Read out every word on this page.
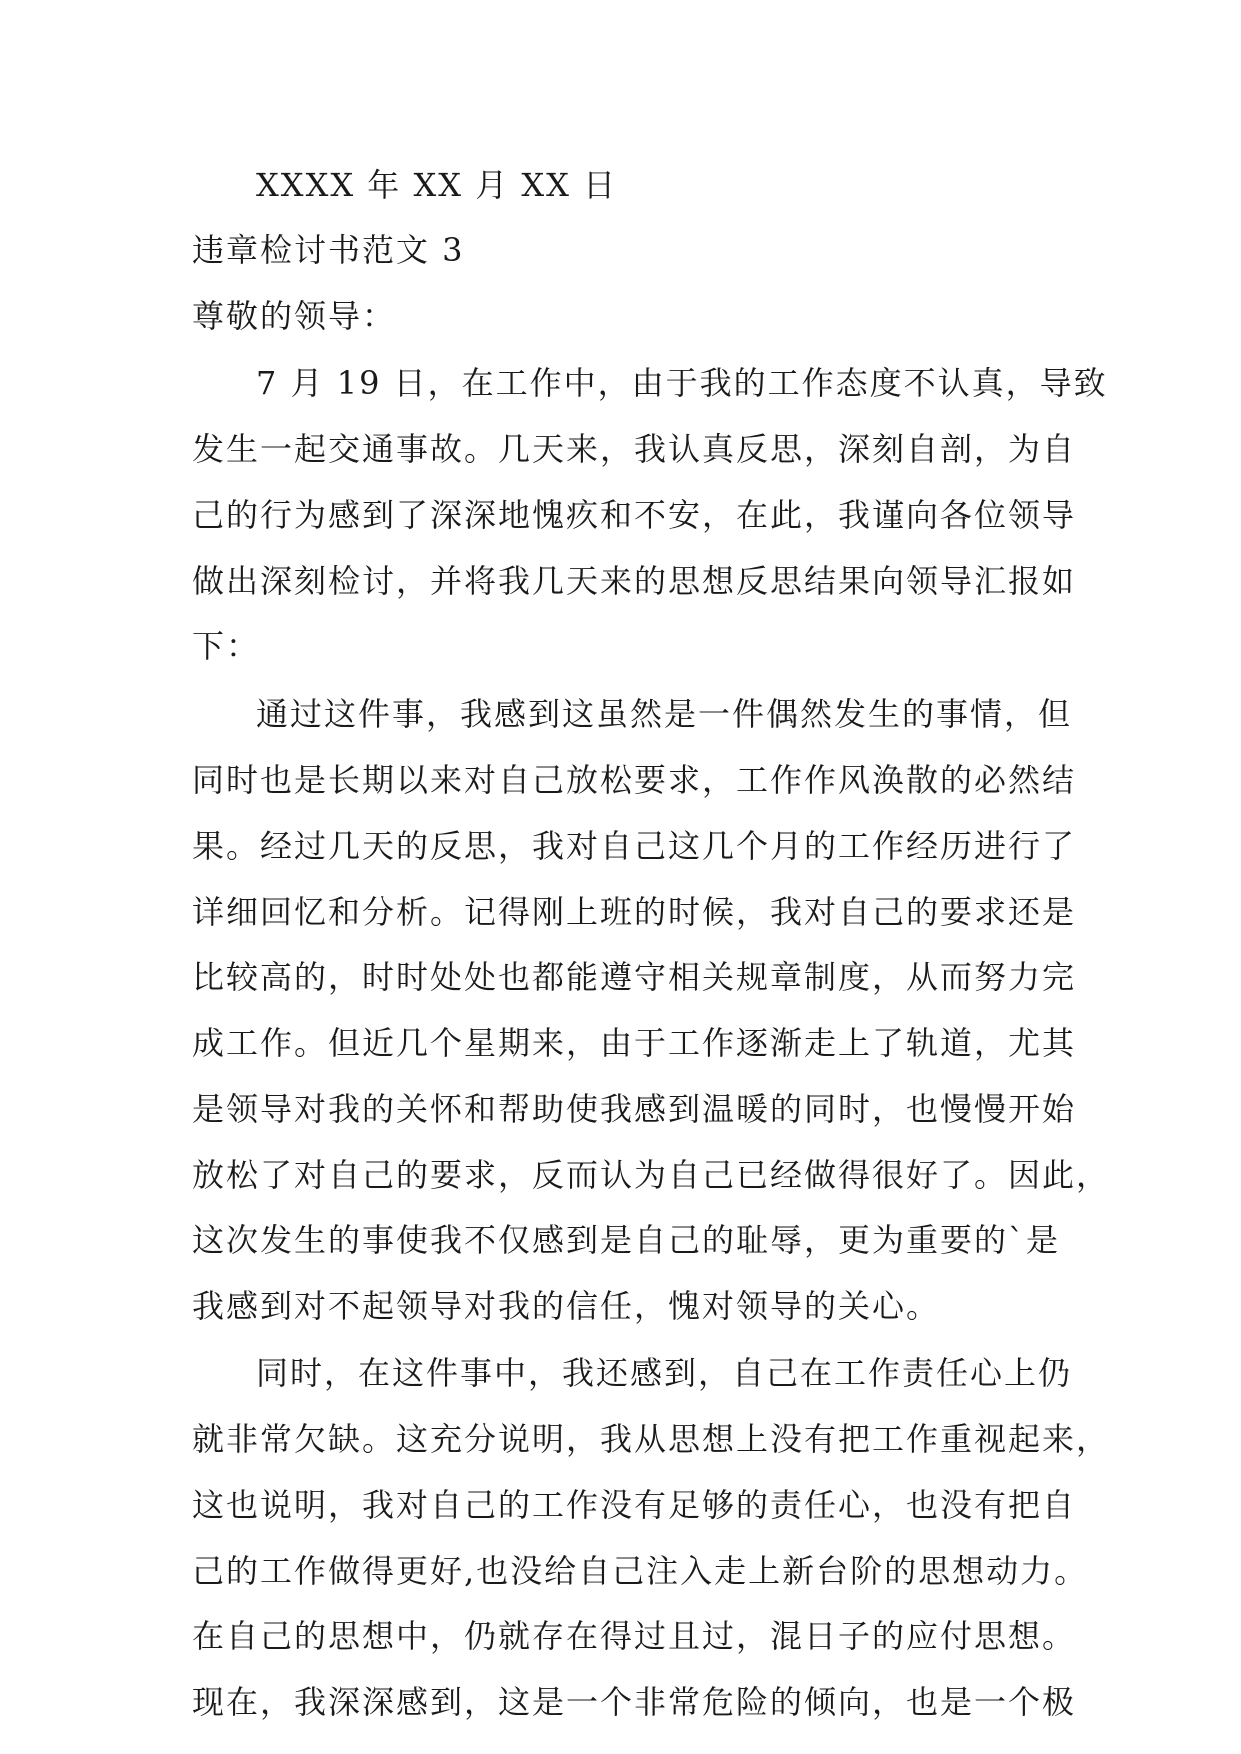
XXXX 年 XX 月 XX 日
违章检讨书范文 3
尊敬的领导：
7 月 19 日，在工作中，由于我的工作态度不认真，导致
发生一起交通事故。几天来，我认真反思，深刻自剖，为自
己的行为感到了深深地愧疚和不安，在此，我谨向各位领导
做出深刻检讨，并将我几天来的思想反思结果向领导汇报如
下：
通过这件事，我感到这虽然是一件偶然发生的事情，但
同时也是长期以来对自己放松要求，工作作风涣散的必然结
果。经过几天的反思，我对自己这几个月的工作经历进行了
详细回忆和分析。记得刚上班的时候，我对自己的要求还是
比较高的，时时处处也都能遵守相关规章制度，从而努力完
成工作。但近几个星期来，由于工作逐渐走上了轨道，尤其
是领导对我的关怀和帮助使我感到温暖的同时，也慢慢开始
放松了对自己的要求，反而认为自己已经做得很好了。因此，
这次发生的事使我不仅感到是自己的耻辱，更为重要的`是
我感到对不起领导对我的信任，愧对领导的关心。
同时，在这件事中，我还感到，自己在工作责任心上仍
就非常欠缺。这充分说明，我从思想上没有把工作重视起来，
这也说明，我对自己的工作没有足够的责任心，也没有把自
己的工作做得更好,也没给自己注入走上新台阶的思想动力。
在自己的思想中，仍就存在得过且过，混日子的应付思想。
现在，我深深感到，这是一个非常危险的倾向，也是一个极
